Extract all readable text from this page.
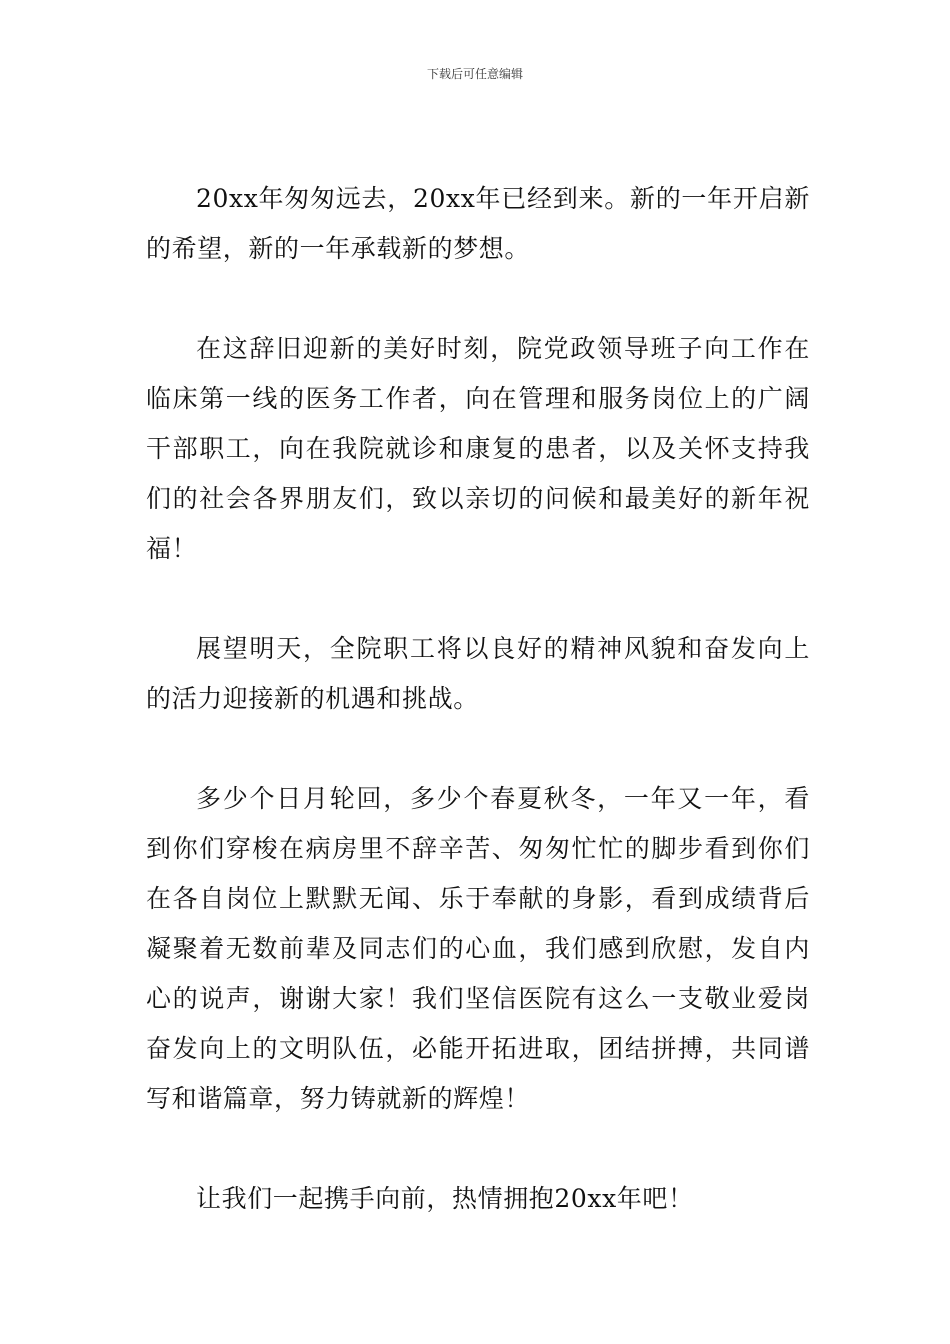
下载后可任意编辑

20xx年匆匆远去，20xx年已经到来。新的一年开启新的希望，新的一年承载新的梦想。

在这辞旧迎新的美好时刻，院党政领导班子向工作在临床第一线的医务工作者，向在管理和服务岗位上的广阔干部职工，向在我院就诊和康复的患者，以及关怀支持我们的社会各界朋友们，致以亲切的问候和最美好的新年祝福！

展望明天，全院职工将以良好的精神风貌和奋发向上的活力迎接新的机遇和挑战。

多少个日月轮回，多少个春夏秋冬，一年又一年，看到你们穿梭在病房里不辞辛苦、匆匆忙忙的脚步看到你们在各自岗位上默默无闻、乐于奉献的身影，看到成绩背后凝聚着无数前辈及同志们的心血，我们感到欣慰，发自内心的说声，谢谢大家！我们坚信医院有这么一支敬业爱岗奋发向上的文明队伍，必能开拓进取，团结拼搏，共同谱写和谐篇章，努力铸就新的辉煌！

让我们一起携手向前，热情拥抱20xx年吧！
